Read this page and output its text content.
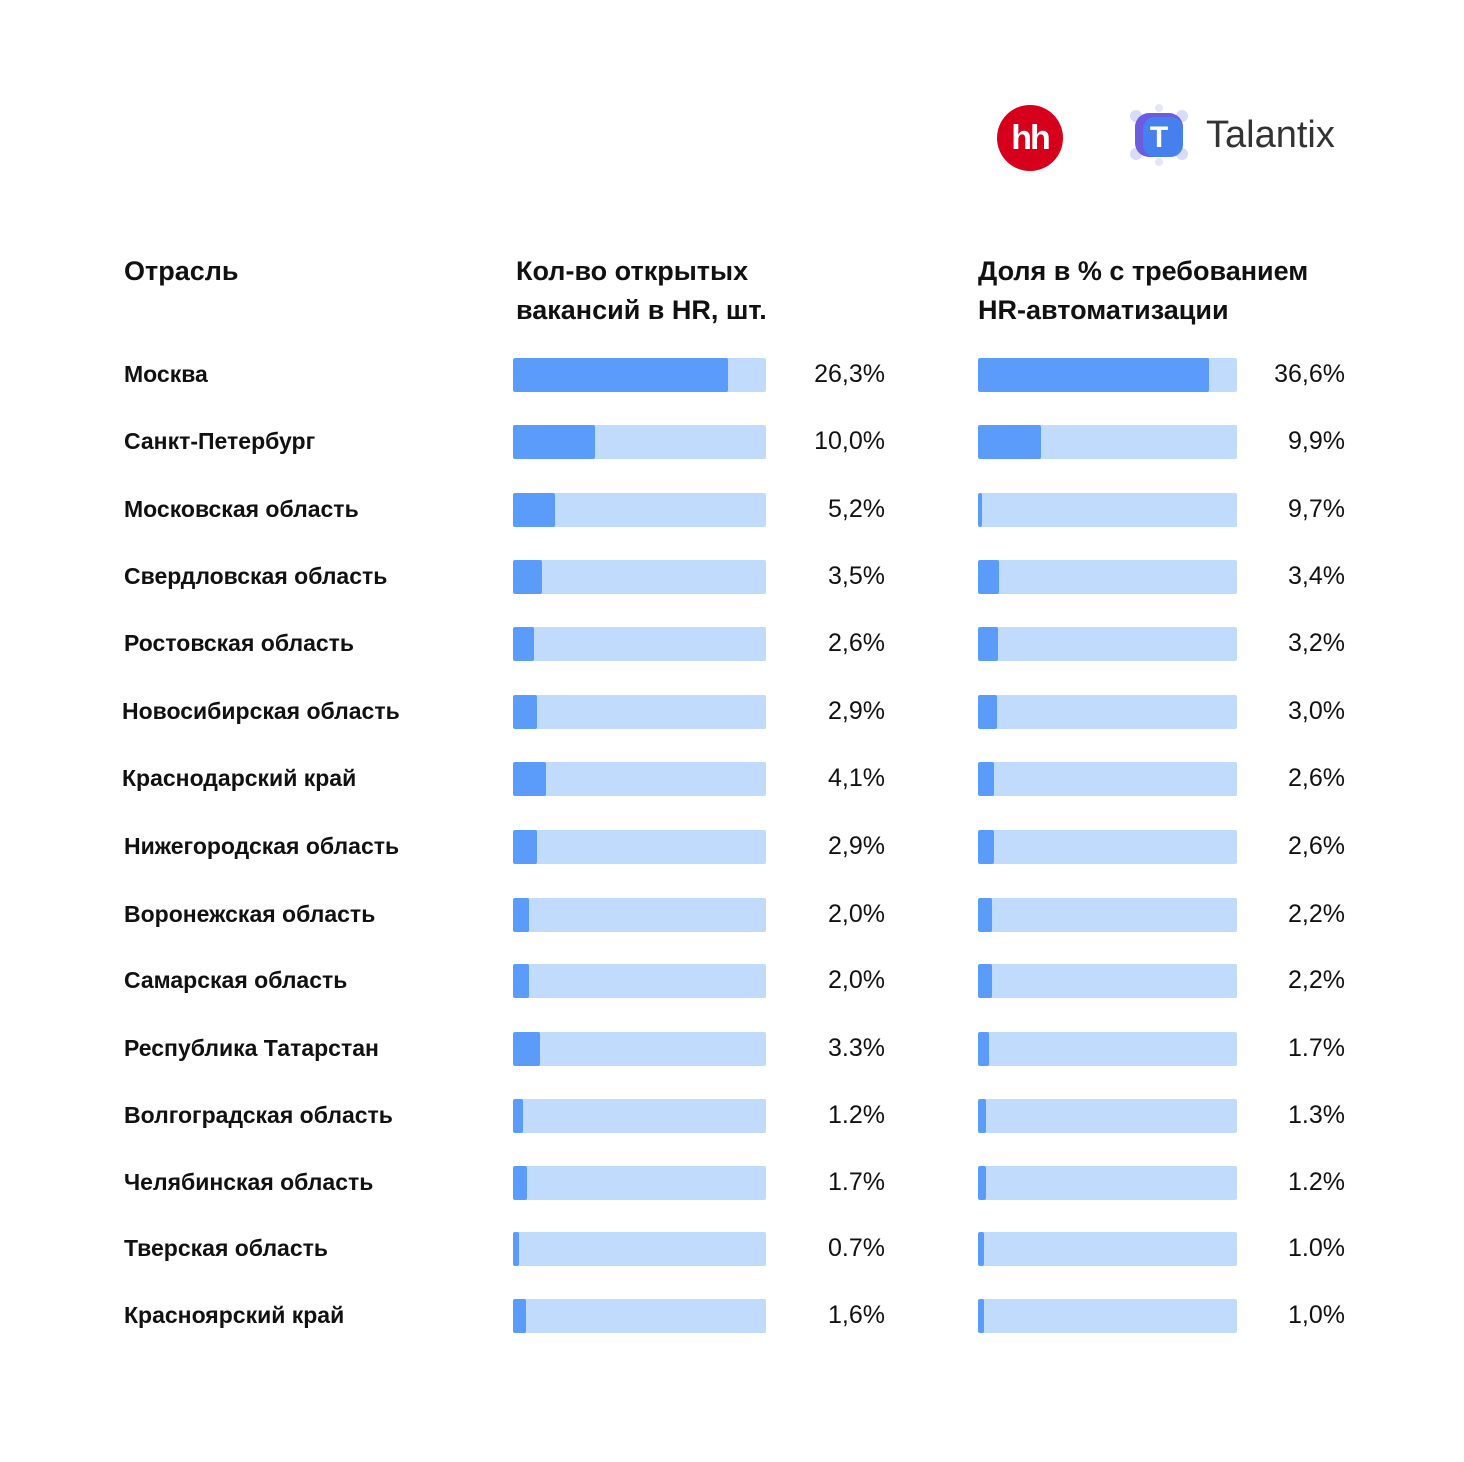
hh	T Talantix
Отрасль	Кол-во открытых
вакансий в HR, шт.
Доля в % с требованием
HR-автоматизации
Москва	26,3%	36,6%
Санкт-Петербург	10,0%	9,9%
Московская область	5,2%	9,7%
Свердловская область	3,5%	3,4%
Ростовская область	2,6%	3,2%
Новосибирская область	2,9%	3,0%
Краснодарский край	4,1%	2,6%
Нижегородская область	2,9%	2,6%
Воронежская область	2,0%	2,2%
Самарская область	2,0%	2,2%
Республика Татарстан	3.3%	1.7%
Волгоградская область	1.2%	1.3%
Челябинская область	1.7%	1.2%
Тверская область	0.7%	1.0%
Красноярский край	1,6%	1,0%
